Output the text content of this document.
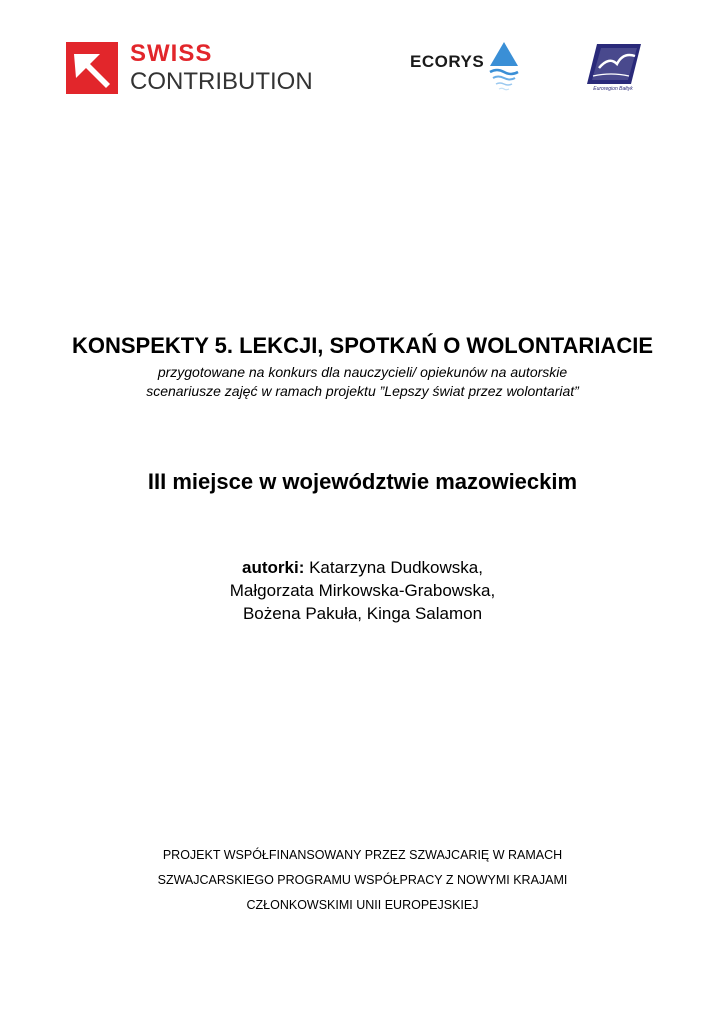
SWISS
CONTRIBUTION
ECORYS
Euroregion Bałtyk
KONSPEKTY 5. LEKCJI, SPOTKAŃ O WOLONTARIACIE
przygotowane na konkurs dla nauczycieli/ opiekunów na autorskie
scenariusze zajęć w ramach projektu ”Lepszy świat przez wolontariat”
III miejsce w województwie mazowieckim
autorki: Katarzyna Dudkowska,
Małgorzata Mirkowska-Grabowska,
Bożena Pakuła, Kinga Salamon
PROJEKT WSPÓŁFINANSOWANY PRZEZ SZWAJCARIĘ W RAMACH
SZWAJCARSKIEGO PROGRAMU WSPÓŁPRACY Z NOWYMI KRAJAMI
CZŁONKOWSKIMI UNII EUROPEJSKIEJ
